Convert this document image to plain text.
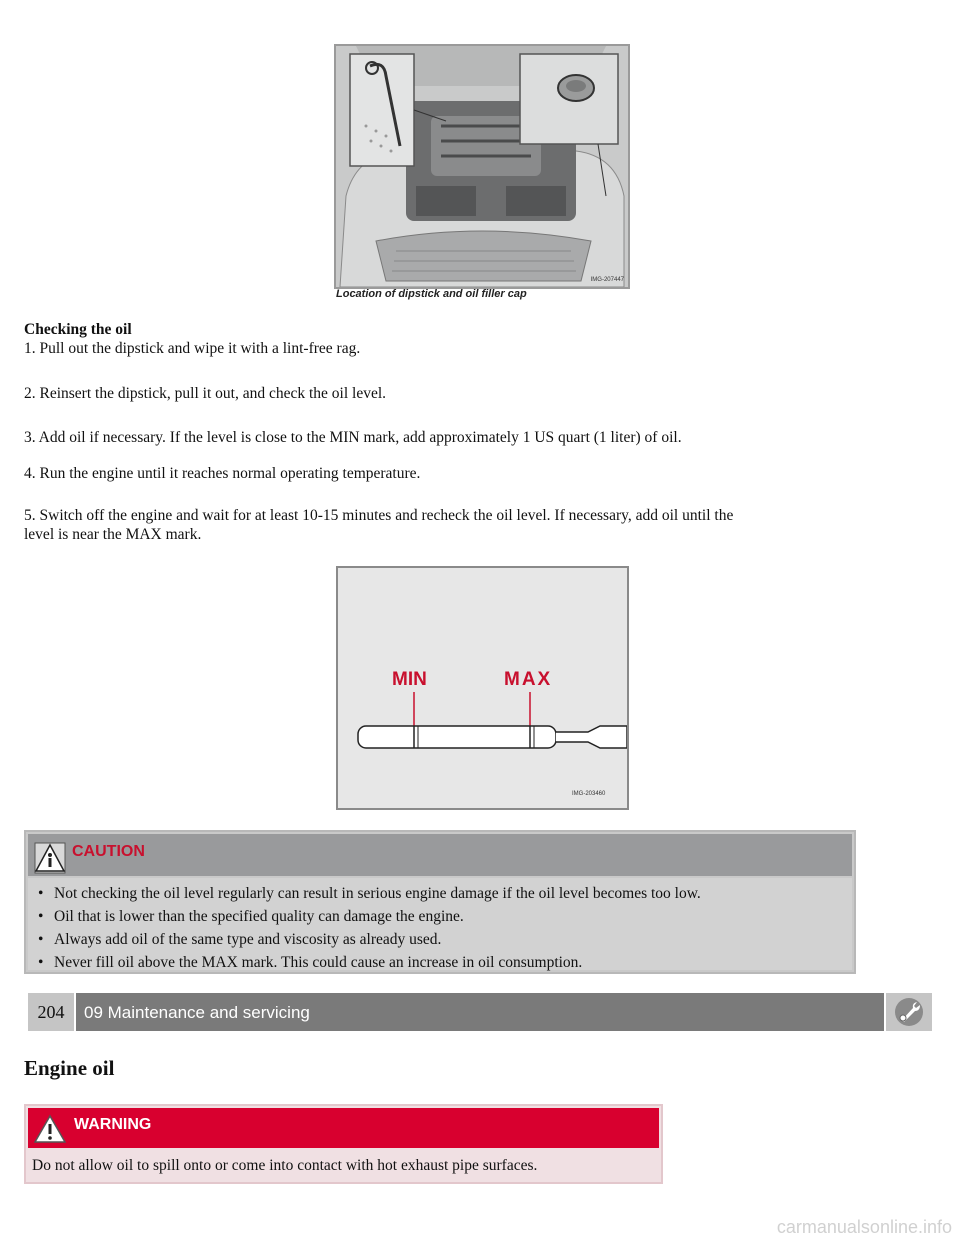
IMG-207447
Location of dipstick and oil filler cap
Checking the oil
1. Pull out the dipstick and wipe it with a lint-free rag.
2. Reinsert the dipstick, pull it out, and check the oil level.
3. Add oil if necessary. If the level is close to the MIN mark, add approximately 1 US quart (1 liter) of oil.
4. Run the engine until it reaches normal operating temperature.
5. Switch off the engine and wait for at least 10-15 minutes and recheck the oil level. If necessary, add oil until the
level is near the MAX mark.
MIN	MAX
IMG-203460
CAUTION
• Not checking the oil level regularly can result in serious engine damage if the oil level becomes too low.
• Oil that is lower than the specified quality can damage the engine.
• Always add oil of the same type and viscosity as already used.
• Never fill oil above the MAX mark. This could cause an increase in oil consumption.
204	09 Maintenance and servicing
Engine oil
WARNING
Do not allow oil to spill onto or come into contact with hot exhaust pipe surfaces.
carmanualsonline.info
